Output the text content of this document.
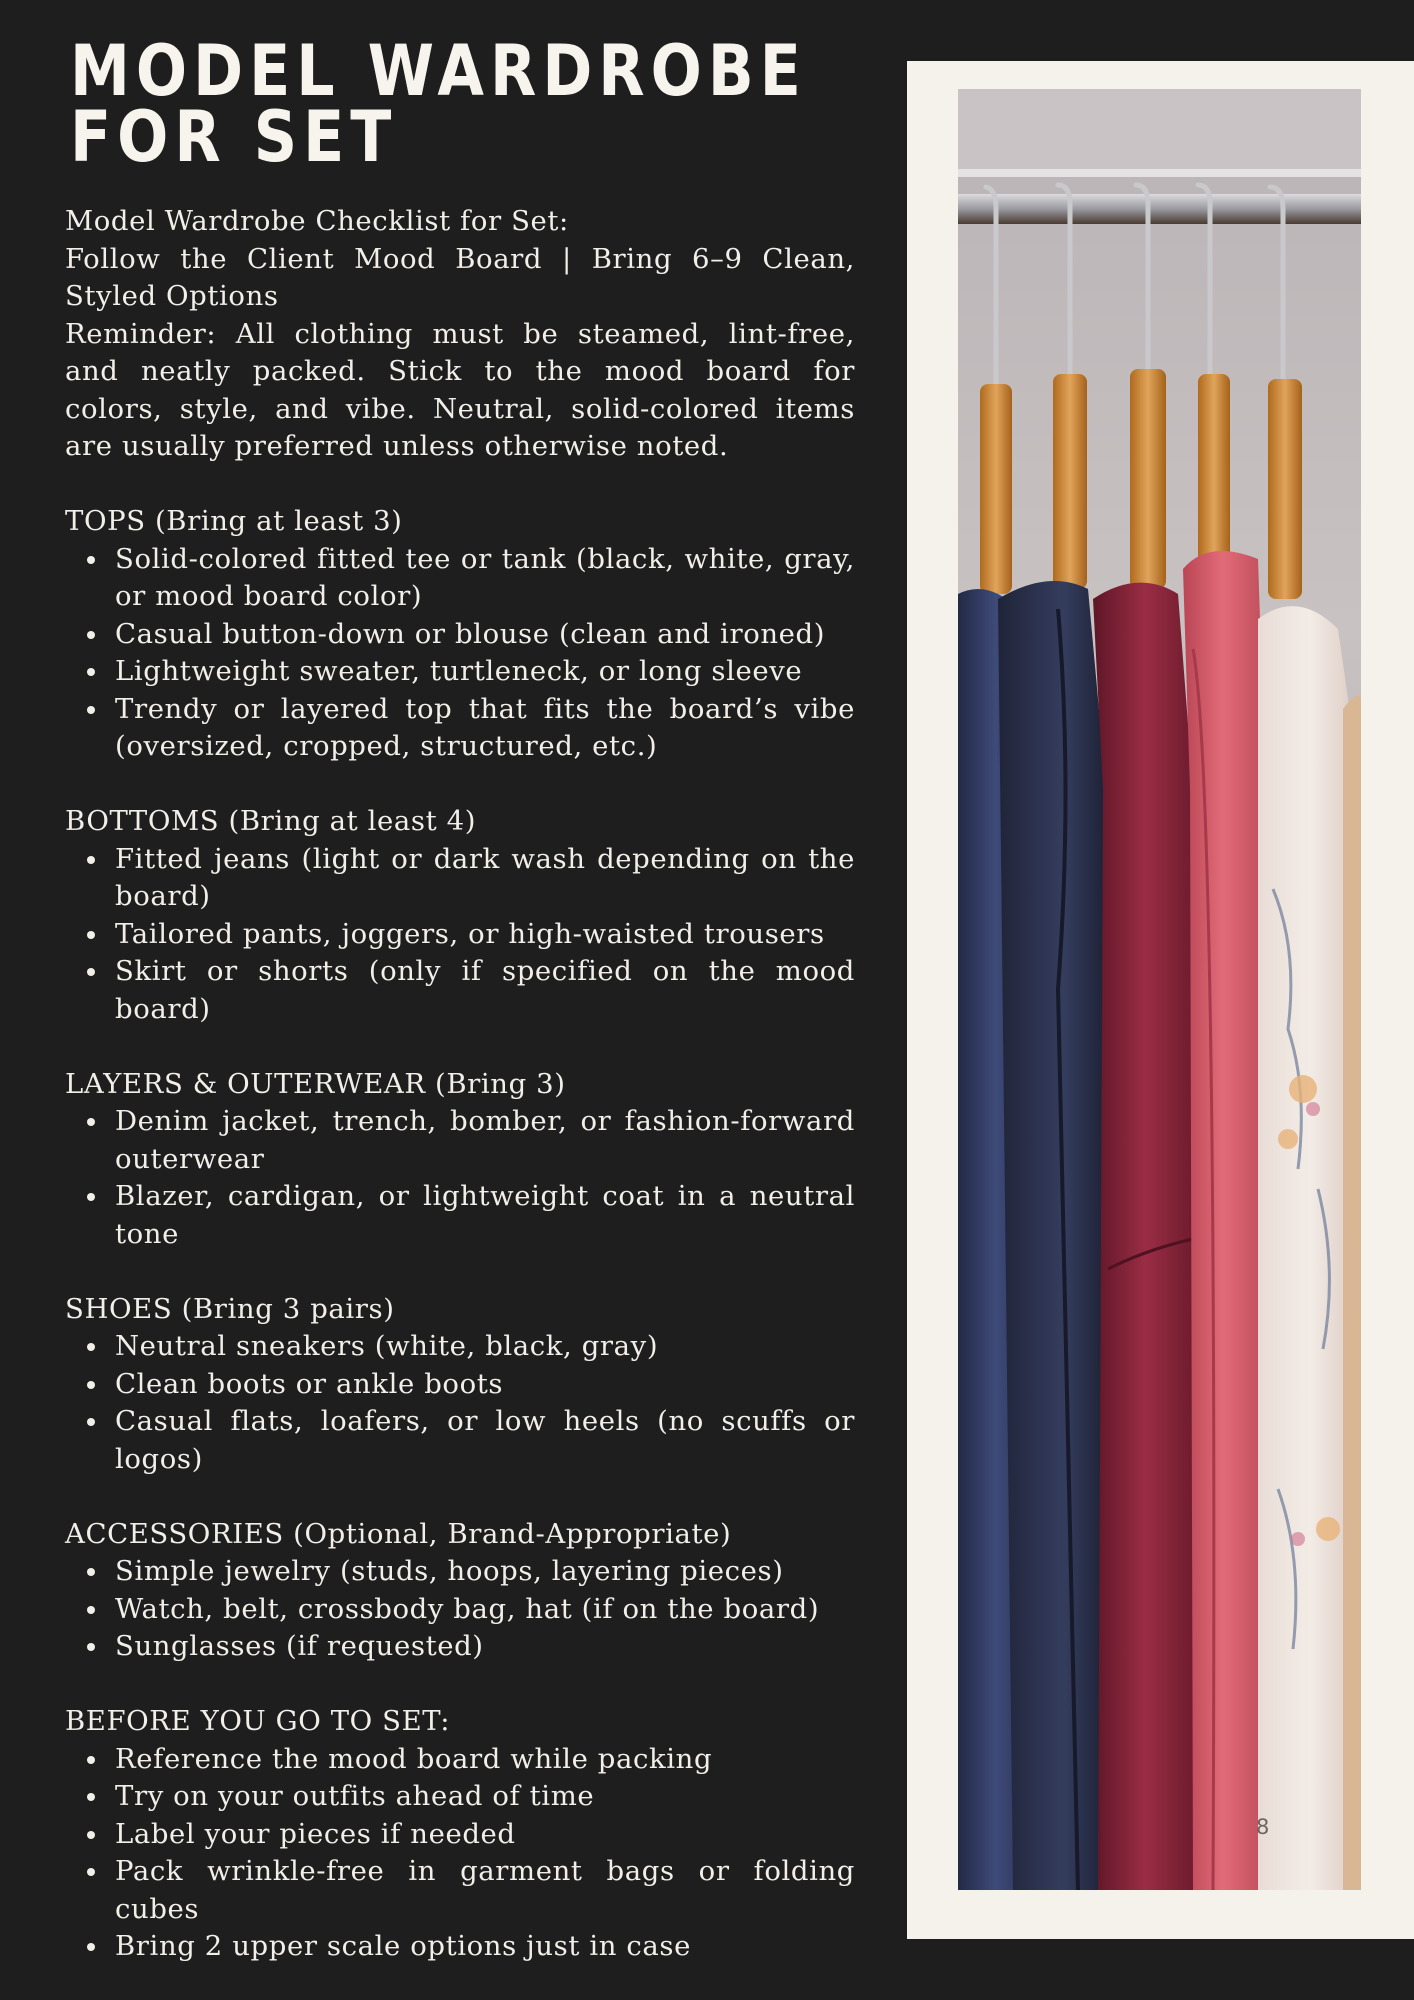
MODEL WARDROBE
FOR SET

Model Wardrobe Checklist for Set:

Follow the Client Mood Board | Bring 6–9 Clean, Styled Options

Reminder: All clothing must be steamed, lint-free, and neatly packed. Stick to the mood board for colors, style, and vibe. Neutral, solid-colored items are usually preferred unless otherwise noted.

TOPS (Bring at least 3)

Solid-colored fitted tee or tank (black, white, gray, or mood board color)
Casual button-down or blouse (clean and ironed)
Lightweight sweater, turtleneck, or long sleeve
Trendy or layered top that fits the board’s vibe (oversized, cropped, structured, etc.)

BOTTOMS (Bring at least 4)

Fitted jeans (light or dark wash depending on the board)
Tailored pants, joggers, or high-waisted trousers
Skirt or shorts (only if specified on the mood board)

LAYERS & OUTERWEAR (Bring 3)

Denim jacket, trench, bomber, or fashion-forward outerwear
Blazer, cardigan, or lightweight coat in a neutral tone

SHOES (Bring 3 pairs)

Neutral sneakers (white, black, gray)
Clean boots or ankle boots
Casual flats, loafers, or low heels (no scuffs or logos)

ACCESSORIES (Optional, Brand-Appropriate)

Simple jewelry (studs, hoops, layering pieces)
Watch, belt, crossbody bag, hat (if on the board)
Sunglasses (if requested)

BEFORE YOU GO TO SET:

Reference the mood board while packing
Try on your outfits ahead of time
Label your pieces if needed
Pack wrinkle-free in garment bags or folding cubes
Bring 2 upper scale options just in case
8
